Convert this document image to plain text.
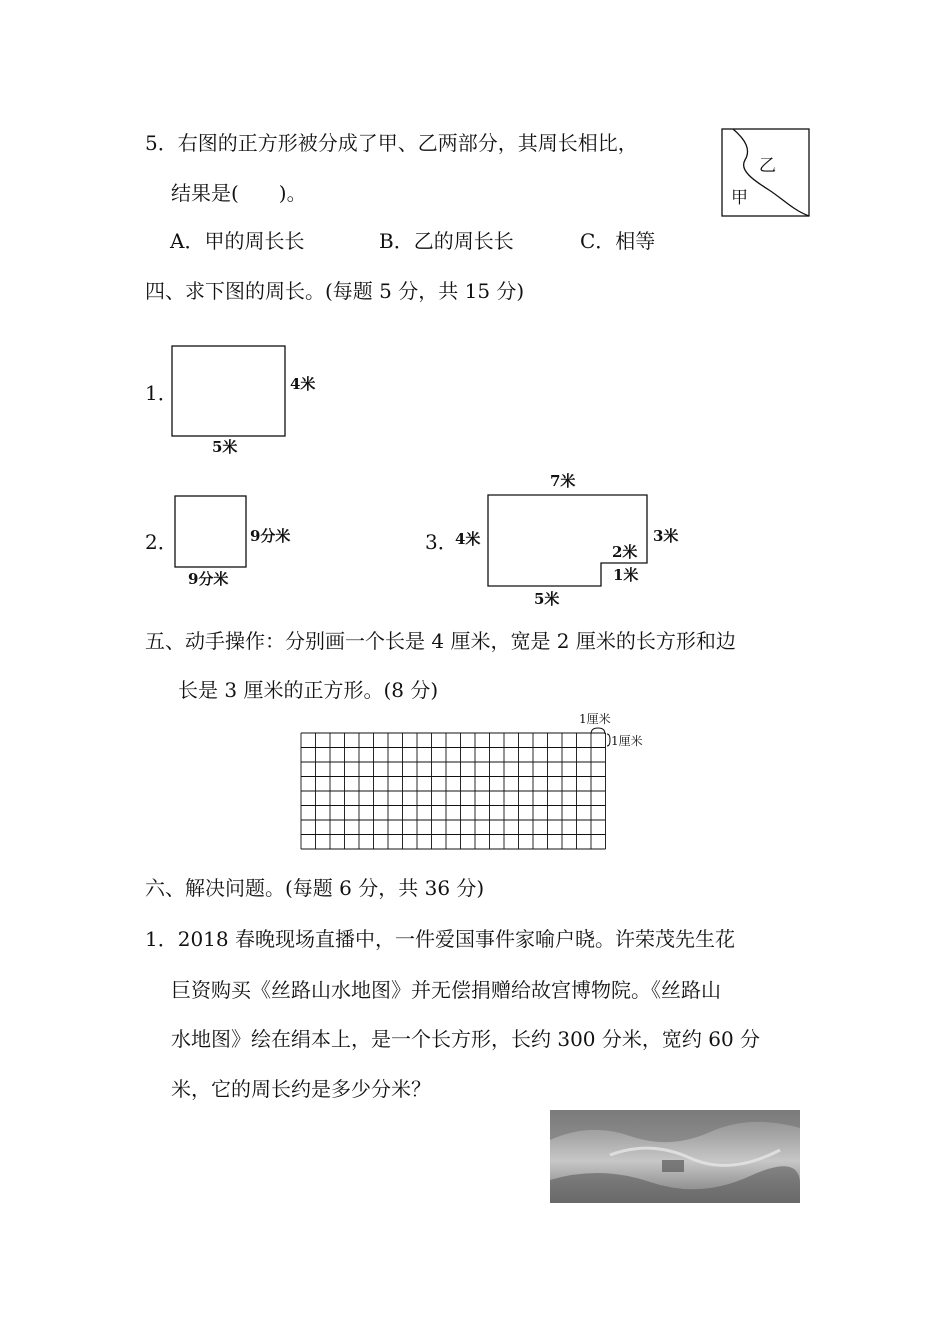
5．右图的正方形被分成了甲、乙两部分，其周长相比，
结果是(　　)。
A．甲的周长长	B．乙的周长长	C．相等
乙
甲
四、求下图的周长。(每题 5 分，共 15 分)
1．	4米
5米
2．	9分米
9分米
3．
7米
4米	3米
2米
1米
5米
五、动手操作：分别画一个长是 4 厘米，宽是 2 厘米的长方形和边
长是 3 厘米的正方形。(8 分)
1厘米
1厘米
六、解决问题。(每题 6 分，共 36 分)
1．2018 春晚现场直播中，一件爱国事件家喻户晓。许荣茂先生花
巨资购买《丝路山水地图》并无偿捐赠给故宫博物院。《丝路山
水地图》绘在绢本上，是一个长方形，长约 300 分米，宽约 60 分
米，它的周长约是多少分米？
